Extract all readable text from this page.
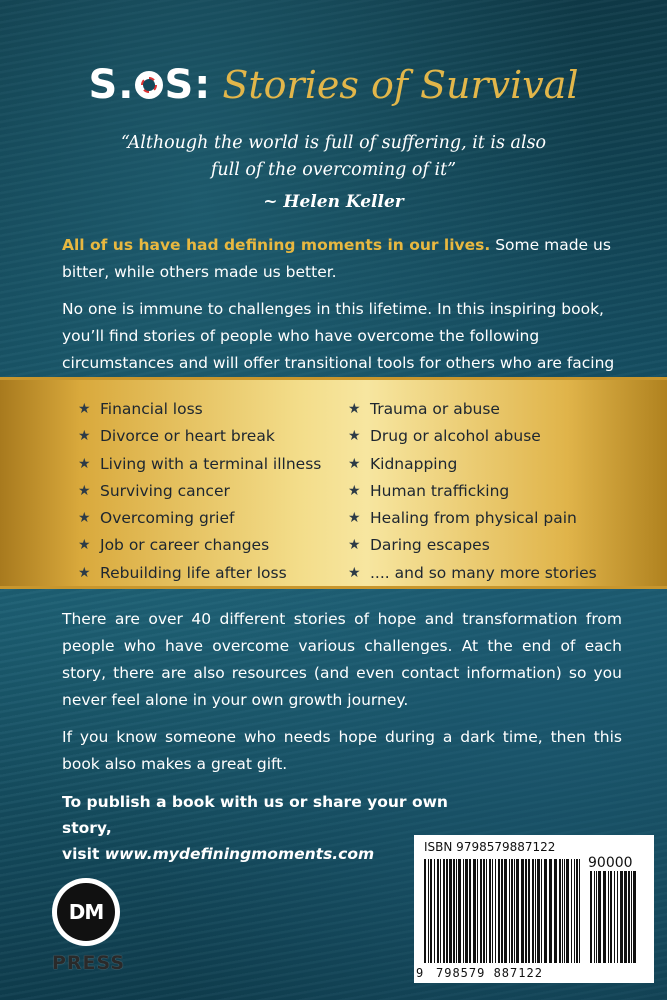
S. S: Stories of Survival
“Although the world is full of suffering, it is also
full of the overcoming of it”
~ Helen Keller

All of us have had defining moments in our lives. Some made us bitter, while others made us better.

No one is immune to challenges in this lifetime. In this inspiring book, you’ll find stories of people who have overcome the following circumstances and will offer transitional tools for others who are facing

★ Financial loss
★ Divorce or heart break
★ Living with a terminal illness
★ Surviving cancer
★ Overcoming grief
★ Job or career changes
★ Rebuilding life after loss
★ Trauma or abuse
★ Drug or alcohol abuse
★ Kidnapping
★ Human trafficking
★ Healing from physical pain
★ Daring escapes
★ .... and so many more stories

There are over 40 different stories of hope and transformation from people who have overcome various challenges. At the end of each story, there are also resources (and even contact information) so you never feel alone in your own growth journey.

If you know someone who needs hope during a dark time, then this book also makes a great gift.

To publish a book with us or share your own story,
visit www.mydefiningmoments.com
DM
PRESS
ISBN 9798579887122
90000
9 798579 887122
